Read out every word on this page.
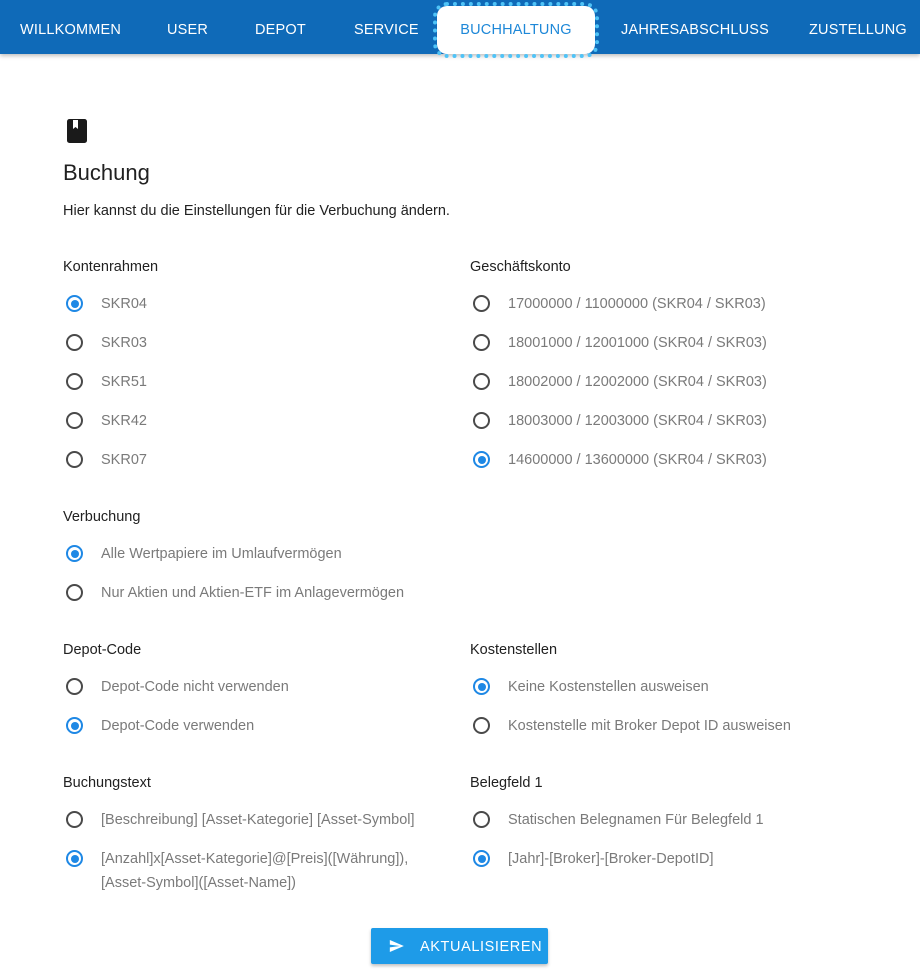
WILLKOMMEN	USER	DEPOT	SERVICE	BUCHHALTUNG	JAHRESABSCHLUSS	ZUSTELLUNG
Buchung
Hier kannst du die Einstellungen für die Verbuchung ändern.
Kontenrahmen
SKR04
SKR03
SKR51
SKR42
SKR07
Geschäftskonto
17000000 / 11000000 (SKR04 / SKR03)
18001000 / 12001000 (SKR04 / SKR03)
18002000 / 12002000 (SKR04 / SKR03)
18003000 / 12003000 (SKR04 / SKR03)
14600000 / 13600000 (SKR04 / SKR03)
Verbuchung
Alle Wertpapiere im Umlaufvermögen
Nur Aktien und Aktien-ETF im Anlagevermögen
Depot-Code
Depot-Code nicht verwenden
Depot-Code verwenden
Kostenstellen
Keine Kostenstellen ausweisen
Kostenstelle mit Broker Depot ID ausweisen
Buchungstext
[Beschreibung] [Asset-Kategorie] [Asset-Symbol]
[Anzahl]x[Asset-Kategorie]@[Preis]([Währung]), [Asset-Symbol]([Asset-Name])
Belegfeld 1
Statischen Belegnamen Für Belegfeld 1
[Jahr]-[Broker]-[Broker-DepotID]
AKTUALISIEREN
